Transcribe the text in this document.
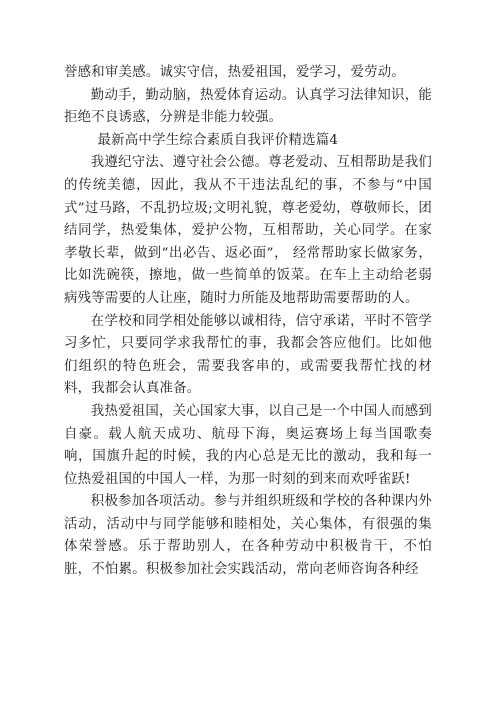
誉感和审美感。诚实守信，热爱祖国，爱学习，爱劳动。

勤动手，勤动脑，热爱体育运动。认真学习法律知识，能拒绝不良诱惑，分辨是非能力较强。

最新高中学生综合素质自我评价精选篇4

我遵纪守法、遵守社会公德。尊老爱动、互相帮助是我们的传统美德，因此，我从不干违法乱纪的事，不参与“中国式”过马路，不乱扔垃圾;文明礼貌，尊老爱幼，尊敬师长，团结同学，热爱集体，爱护公物，互相帮助，关心同学。在家孝敬长辈，做到“出必告、返必面”， 经常帮助家长做家务，比如洗碗筷，擦地，做一些简单的饭菜。在车上主动给老弱病残等需要的人让座，随时力所能及地帮助需要帮助的人。

在学校和同学相处能够以诚相待，信守承诺，平时不管学习多忙，只要同学求我帮忙的事，我都会答应他们。比如他们组织的特色班会，需要我客串的，或需要我帮忙找的材料，我都会认真准备。

我热爱祖国，关心国家大事，以自己是一个中国人而感到自豪。载人航天成功、航母下海，奥运赛场上每当国歌奏响，国旗升起的时候，我的内心总是无比的激动，我和每一位热爱祖国的中国人一样，为那一时刻的到来而欢呼雀跃!

积极参加各项活动。参与并组织班级和学校的各种课内外活动，活动中与同学能够和睦相处，关心集体，有很强的集体荣誉感。乐于帮助别人，在各种劳动中积极肯干，不怕脏，不怕累。积极参加社会实践活动，常向老师咨询各种经
